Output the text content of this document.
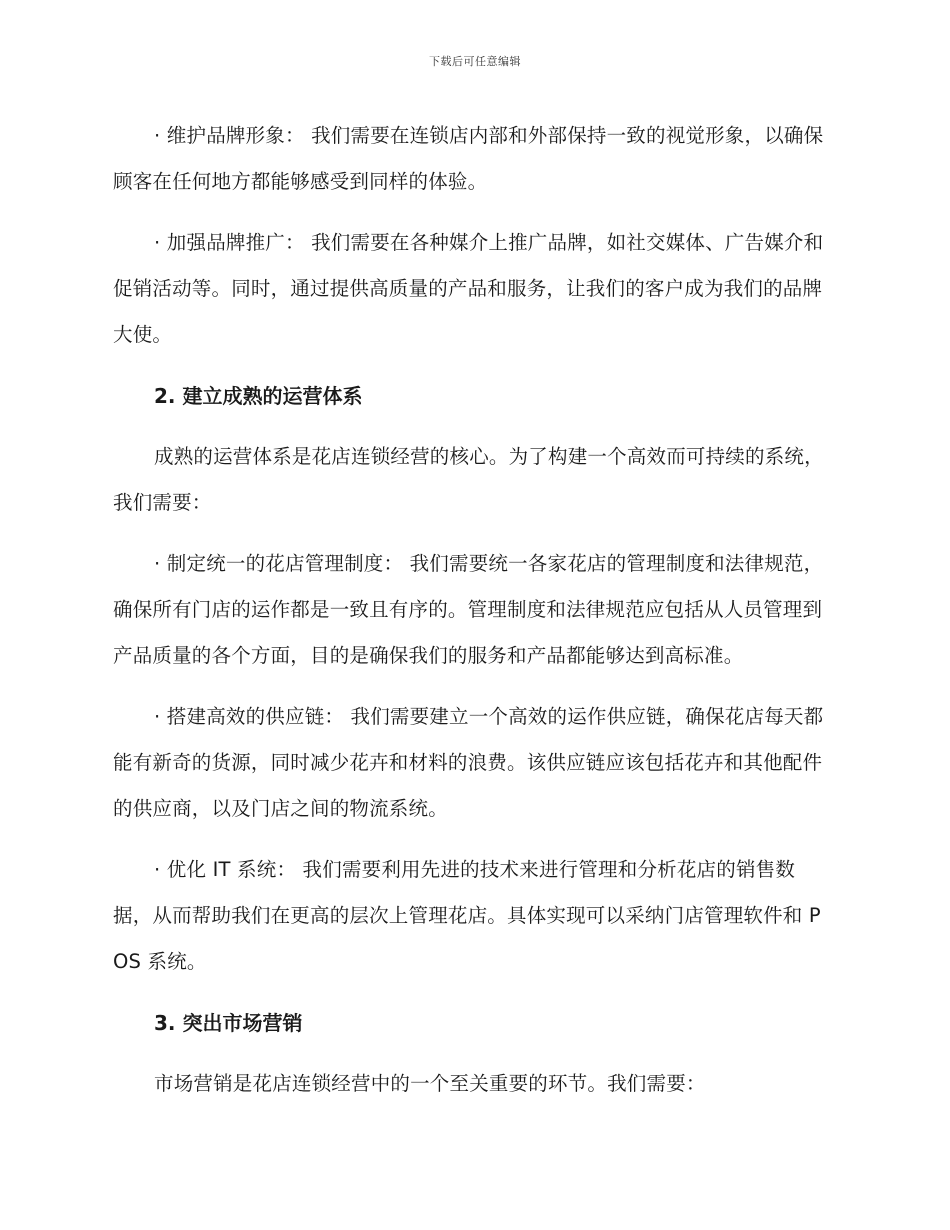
下载后可任意编辑

· 维护品牌形象： 我们需要在连锁店内部和外部保持一致的视觉形象，以确保顾客在任何地方都能够感受到同样的体验。

· 加强品牌推广： 我们需要在各种媒介上推广品牌，如社交媒体、广告媒介和促销活动等。同时，通过提供高质量的产品和服务，让我们的客户成为我们的品牌大使。

2. 建立成熟的运营体系

成熟的运营体系是花店连锁经营的核心。为了构建一个高效而可持续的系统，我们需要：

· 制定统一的花店管理制度： 我们需要统一各家花店的管理制度和法律规范，确保所有门店的运作都是一致且有序的。管理制度和法律规范应包括从人员管理到产品质量的各个方面，目的是确保我们的服务和产品都能够达到高标准。

· 搭建高效的供应链： 我们需要建立一个高效的运作供应链，确保花店每天都能有新奇的货源，同时减少花卉和材料的浪费。该供应链应该包括花卉和其他配件的供应商，以及门店之间的物流系统。

· 优化 IT 系统： 我们需要利用先进的技术来进行管理和分析花店的销售数据，从而帮助我们在更高的层次上管理花店。具体实现可以采纳门店管理软件和 POS 系统。

3. 突出市场营销

市场营销是花店连锁经营中的一个至关重要的环节。我们需要：
